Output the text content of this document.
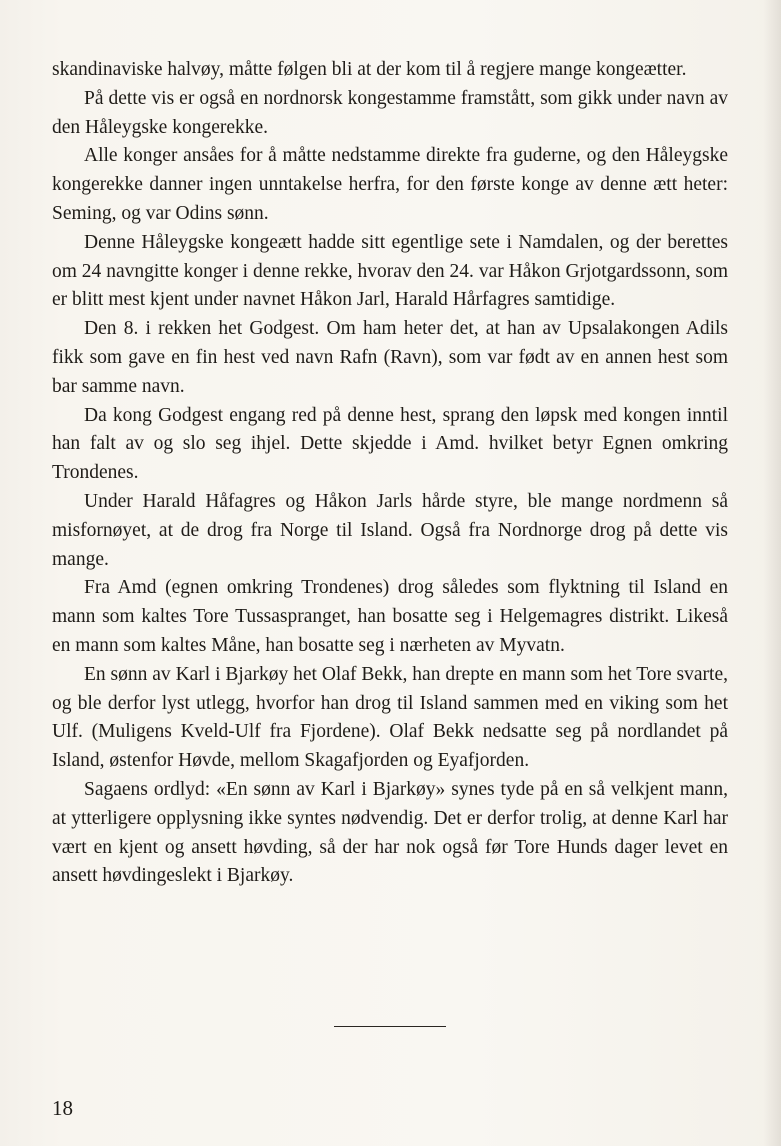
skandinaviske halvøy, måtte følgen bli at der kom til å regjere mange kongeætter.

På dette vis er også en nordnorsk kongestamme framstått, som gikk under navn av den Håleygske kongerekke.

Alle konger ansåes for å måtte nedstamme direkte fra guderne, og den Håleygske kongerekke danner ingen unntakelse herfra, for den første konge av denne ætt heter: Seming, og var Odins sønn.

Denne Håleygske kongeætt hadde sitt egentlige sete i Namdalen, og der berettes om 24 navngitte konger i denne rekke, hvorav den 24. var Håkon Grjotgardssonn, som er blitt mest kjent under navnet Håkon Jarl, Harald Hårfagres samtidige.

Den 8. i rekken het Godgest. Om ham heter det, at han av Upsalakongen Adils fikk som gave en fin hest ved navn Rafn (Ravn), som var født av en annen hest som bar samme navn.

Da kong Godgest engang red på denne hest, sprang den løpsk med kongen inntil han falt av og slo seg ihjel. Dette skjedde i Amd. hvilket betyr Egnen omkring Trondenes.

Under Harald Håfagres og Håkon Jarls hårde styre, ble mange nordmenn så misfornøyet, at de drog fra Norge til Island. Også fra Nordnorge drog på dette vis mange.

Fra Amd (egnen omkring Trondenes) drog således som flyktning til Island en mann som kaltes Tore Tussaspranget, han bosatte seg i Helgemagres distrikt. Likeså en mann som kaltes Måne, han bosatte seg i nærheten av Myvatn.

En sønn av Karl i Bjarkøy het Olaf Bekk, han drepte en mann som het Tore svarte, og ble derfor lyst utlegg, hvorfor han drog til Island sammen med en viking som het Ulf. (Muligens Kveld-Ulf fra Fjordene). Olaf Bekk nedsatte seg på nordlandet på Island, østenfor Høvde, mellom Skagafjorden og Eyafjorden.

Sagaens ordlyd: «En sønn av Karl i Bjarkøy» synes tyde på en så velkjent mann, at ytterligere opplysning ikke syntes nødvendig. Det er derfor trolig, at denne Karl har vært en kjent og ansett høvding, så der har nok også før Tore Hunds dager levet en ansett høvdingeslekt i Bjarkøy.

18
